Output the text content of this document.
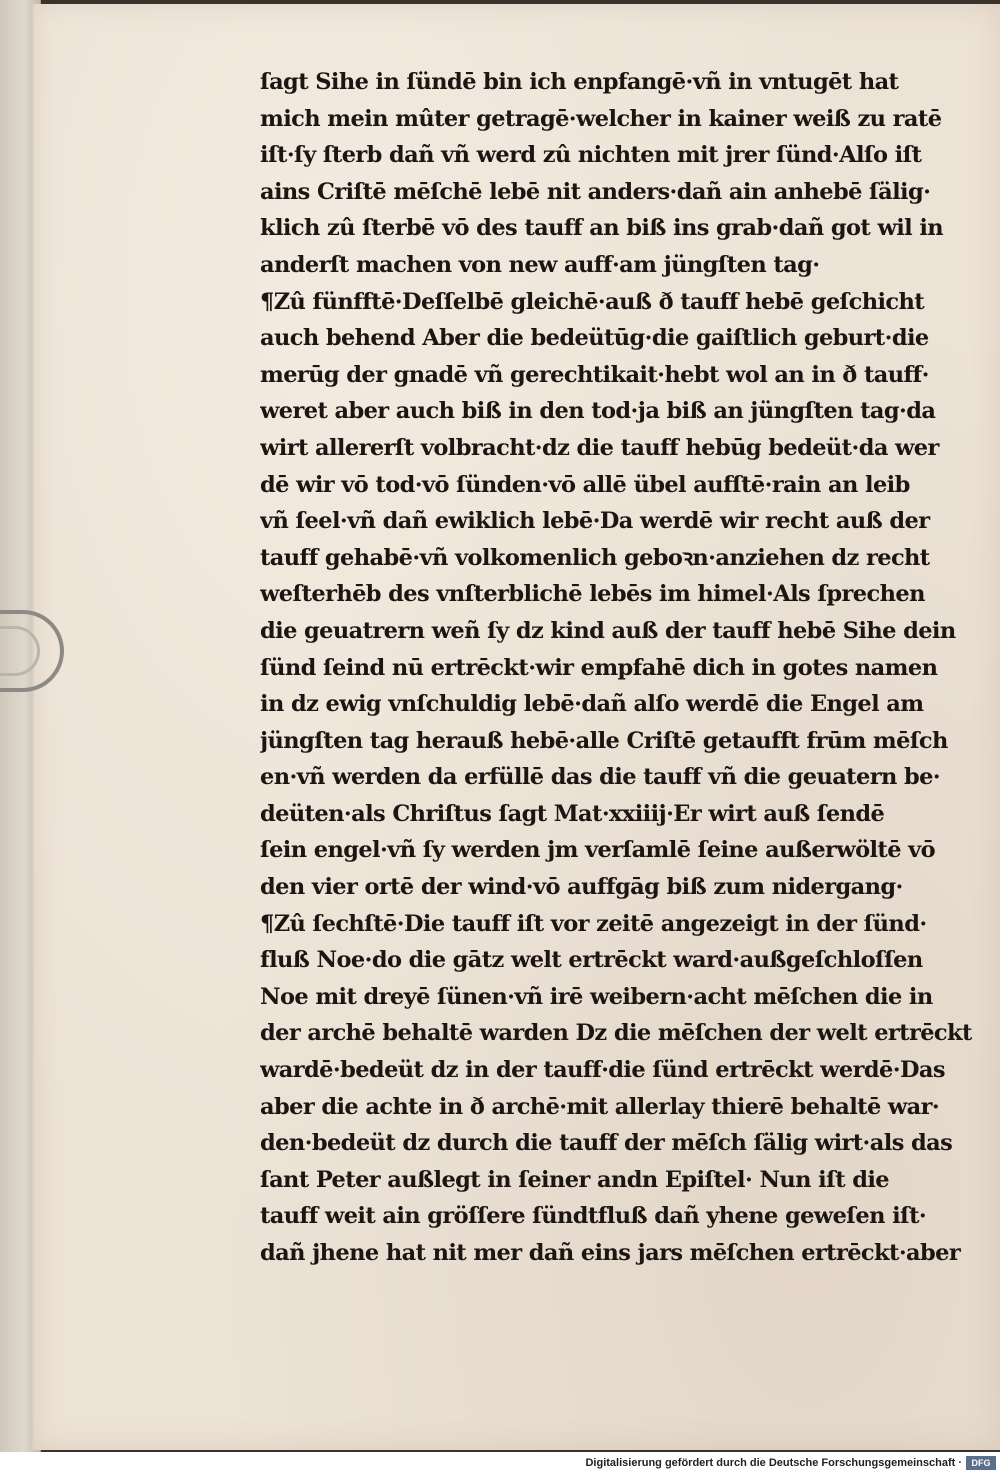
ſagt Sihe in ſündē bin ich enpfangē·vñ in vntugēt hat
mich mein mûter getragē·welcher in kainer weiß zu ratē
iſt·ſy ſterb dañ vñ werd zû nichten mit jrer ſünd·Alſo iſt
ains Criſtē mēſchē lebē nit anders·dañ ain anhebē ſälig·
klich zû ſterbē vō des tauff an biß ins grab·dañ got wil in
anderſt machen von new auff·am jüngſten tag·
¶Zû fünfftē·Deſſelbē gleichē·auß ð tauff hebē geſchicht
auch behend Aber die bedeütūg·die gaiſtlich geburt·die
merūg der gnadē vñ gerechtikait·hebt wol an in ð tauff·
weret aber auch biß in den tod·ja biß an jüngſten tag·da
wirt allererſt volbracht·dz die tauff hebūg bedeüt·da wer
dē wir vō tod·vō ſünden·vō allē übel aufſtē·rain an leib
vñ ſeel·vñ dañ ewiklich lebē·Da werdē wir recht auß der
tauff gehabē·vñ volkomenlich geboꝛn·anziehen dz recht
weſterhēb des vnſterblichē lebēs im himel·Als ſprechen
die geuatrern weñ ſy dz kind auß der tauff hebē Sihe dein
ſünd ſeind nū ertrēckt·wir empfahē dich in gotes namen
in dz ewig vnſchuldig lebē·dañ alſo werdē die Engel am
jüngſten tag herauß hebē·alle Criſtē getaufft frūm mēſch
en·vñ werden da erfüllē das die tauff vñ die geuatern be·
deüten·als Chriſtus ſagt Mat·xxiiij·Er wirt auß ſendē
ſein engel·vñ ſy werden jm verſamlē ſeine außerwöltē vō
den vier ortē der wind·vō auffgāg biß zum nidergang·
¶Zû ſechſtē·Die tauff iſt vor zeitē angezeigt in der ſünd·
fluß Noe·do die gātz welt ertrēckt ward·außgeſchloſſen
Noe mit dreyē ſünen·vñ irē weibern·acht mēſchen die in
der archē behaltē warden Dz die mēſchen der welt ertrēckt
wardē·bedeüt dz in der tauff·die ſünd ertrēckt werdē·Das
aber die achte in ð archē·mit allerlay thierē behaltē war·
den·bedeüt dz durch die tauff der mēſch ſälig wirt·als das
ſant Peter außlegt in ſeiner andn Epiſtel· Nun iſt die
tauff weit ain gröſſere ſündtfluß dañ yhene geweſen iſt·
dañ jhene hat nit mer dañ eins jars mēſchen ertrēckt·aber
Digitalisierung gefördert durch die Deutsche Forschungsgemeinschaft ·	DFG
